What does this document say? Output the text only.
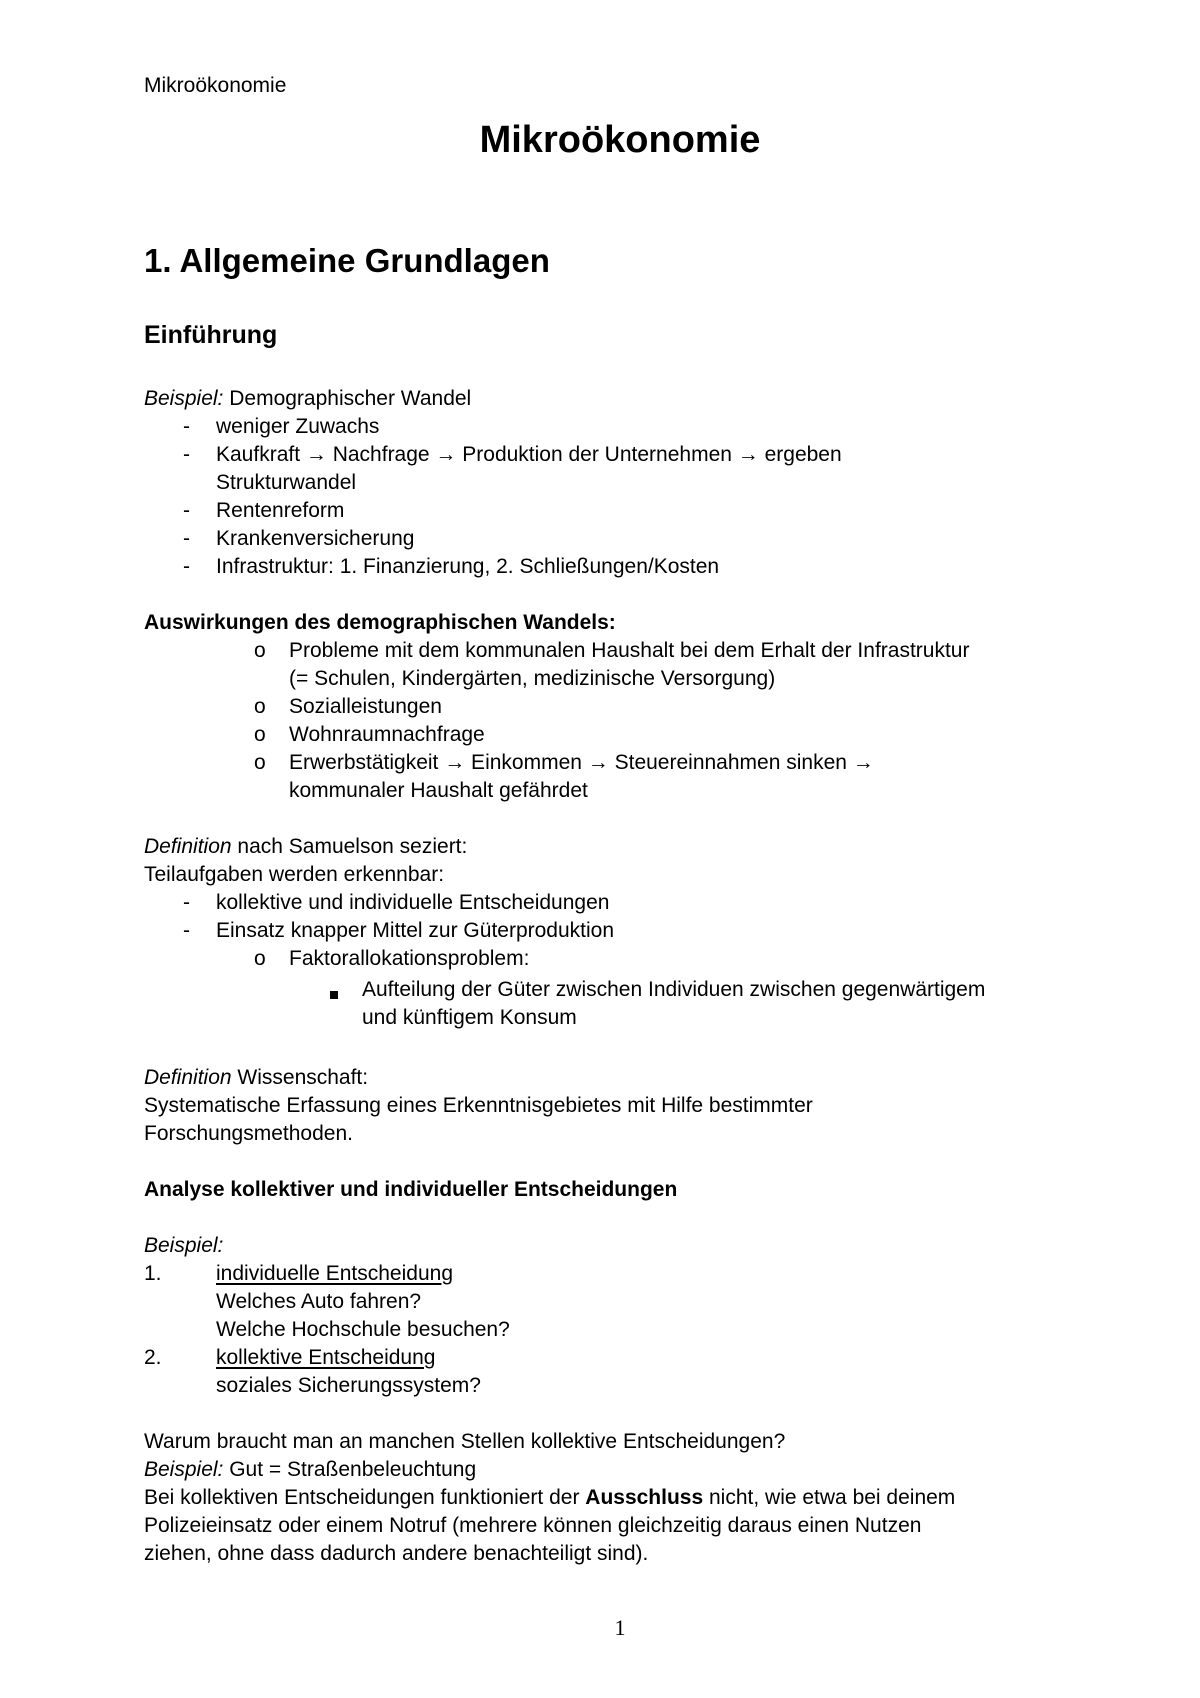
Mikroökonomie
Mikroökonomie
1. Allgemeine Grundlagen
Einführung
Beispiel: Demographischer Wandel
- weniger Zuwachs
- Kaufkraft → Nachfrage → Produktion der Unternehmen → ergeben
Strukturwandel
- Rentenreform
- Krankenversicherung
- Infrastruktur: 1. Finanzierung, 2. Schließungen/Kosten
Auswirkungen des demographischen Wandels:
o Probleme mit dem kommunalen Haushalt bei dem Erhalt der Infrastruktur
(= Schulen, Kindergärten, medizinische Versorgung)
o Sozialleistungen
o Wohnraumnachfrage
o Erwerbstätigkeit → Einkommen → Steuereinnahmen sinken →
kommunaler Haushalt gefährdet
Definition nach Samuelson seziert:
Teilaufgaben werden erkennbar:
- kollektive und individuelle Entscheidungen
- Einsatz knapper Mittel zur Güterproduktion
o Faktorallokationsproblem:
Aufteilung der Güter zwischen Individuen zwischen gegenwärtigem
und künftigem Konsum
Definition Wissenschaft:
Systematische Erfassung eines Erkenntnisgebietes mit Hilfe bestimmter
Forschungsmethoden.
Analyse kollektiver und individueller Entscheidungen
Beispiel:
1.	individuelle Entscheidung
Welches Auto fahren?
Welche Hochschule besuchen?
2.	kollektive Entscheidung
soziales Sicherungssystem?
Warum braucht man an manchen Stellen kollektive Entscheidungen?
Beispiel: Gut = Straßenbeleuchtung
Bei kollektiven Entscheidungen funktioniert der Ausschluss nicht, wie etwa bei deinem
Polizeieinsatz oder einem Notruf (mehrere können gleichzeitig daraus einen Nutzen
ziehen, ohne dass dadurch andere benachteiligt sind).
1
